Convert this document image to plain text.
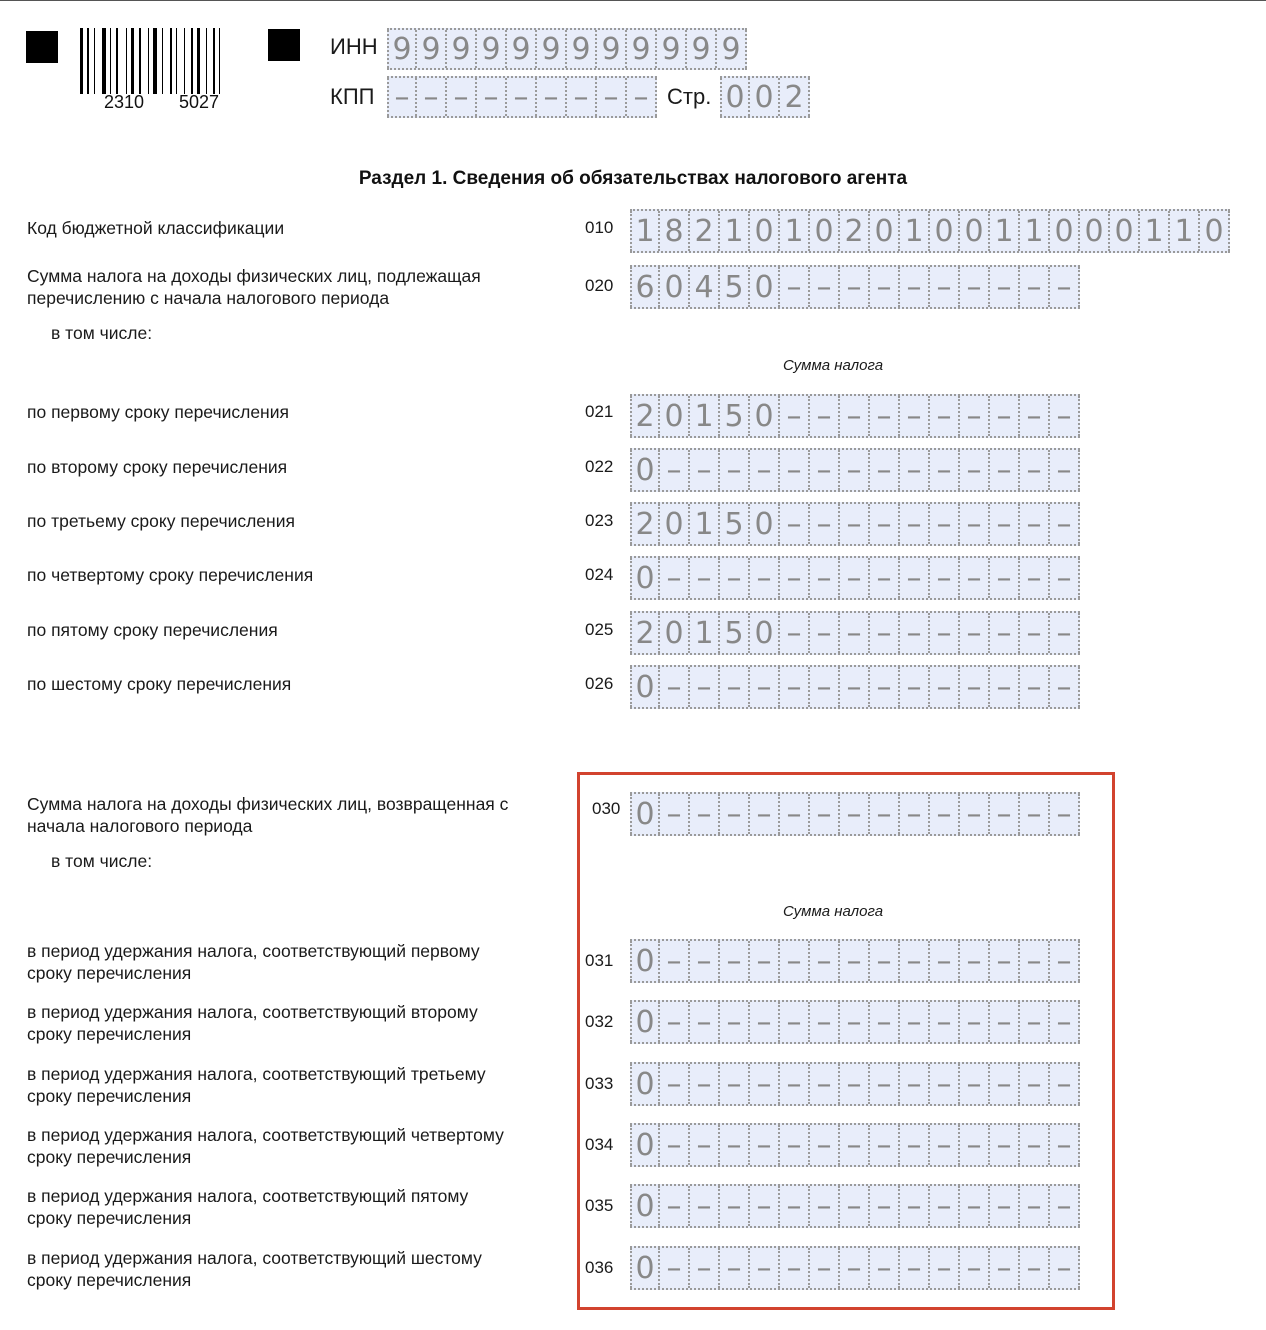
2310 5027
ИНН 9 9 9 9 9 9 9 9 9 9 9 9
КПП – – – – – – – – – Стр. 0 0 2
Раздел 1. Сведения об обязательствах налогового агента
Код бюджетной классификации	010 1 8 2 1 0 1 0 2 0 1 0 0 1 1 0 0 0 1 1 0
Сумма налога на доходы физических лиц, подлежащая
перечислению с начала налогового периода
020 6 0 4 5 0 – – – – – – – – – –
в том числе:
Сумма налога
по первому сроку перечисления	021 2 0 1 5 0 – – – – – – – – – –
по второму сроку перечисления	022 0 – – – – – – – – – – – – – –
по третьему сроку перечисления	023 2 0 1 5 0 – – – – – – – – – –
по четвертому сроку перечисления	024 0 – – – – – – – – – – – – – –
по пятому сроку перечисления	025 2 0 1 5 0 – – – – – – – – – –
по шестому сроку перечисления	026 0 – – – – – – – – – – – – – –
Сумма налога на доходы физических лиц, возвращенная с
начала налогового периода
030 0 – – – – – – – – – – – – – –
в том числе:
Сумма налога
в период удержания налога, соответствующий первому
сроку перечисления
031 0 – – – – – – – – – – – – – –
в период удержания налога, соответствующий второму
сроку перечисления
032 0 – – – – – – – – – – – – – –
в период удержания налога, соответствующий третьему
сроку перечисления
033 0 – – – – – – – – – – – – – –
в период удержания налога, соответствующий четвертому
сроку перечисления
034 0 – – – – – – – – – – – – – –
в период удержания налога, соответствующий пятому
сроку перечисления
035 0 – – – – – – – – – – – – – –
в период удержания налога, соответствующий шестому
сроку перечисления
036 0 – – – – – – – – – – – – – –
